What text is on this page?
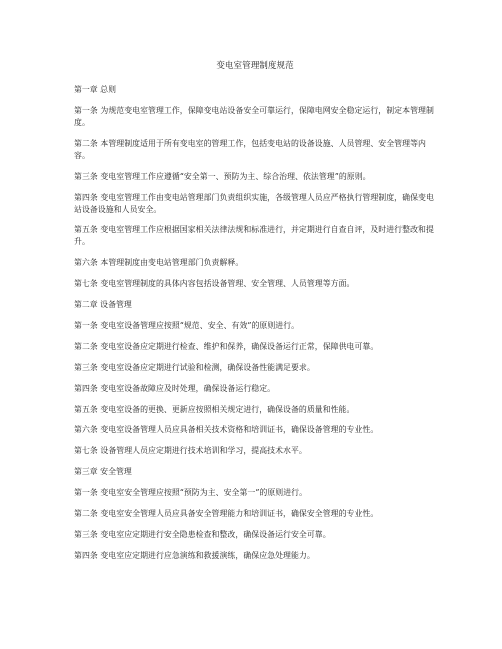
变电室管理制度规范
第一章 总则
第一条 为规范变电室管理工作，保障变电站设备安全可靠运行，保障电网安全稳定运行，制定本管理制度。
第二条 本管理制度适用于所有变电室的管理工作，包括变电站的设备设施、人员管理、安全管理等内容。
第三条 变电室管理工作应遵循“安全第一、预防为主、综合治理、依法管理”的原则。
第四条 变电室管理工作由变电站管理部门负责组织实施，各级管理人员应严格执行管理制度，确保变电站设备设施和人员安全。
第五条 变电室管理工作应根据国家相关法律法规和标准进行，并定期进行自查自评，及时进行整改和提升。
第六条 本管理制度由变电站管理部门负责解释。
第七条 变电室管理制度的具体内容包括设备管理、安全管理、人员管理等方面。
第二章 设备管理
第一条 变电室设备管理应按照“规范、安全、有效”的原则进行。
第二条 变电室设备应定期进行检查、维护和保养，确保设备运行正常，保障供电可靠。
第三条 变电室设备应定期进行试验和检测，确保设备性能满足要求。
第四条 变电室设备故障应及时处理，确保设备运行稳定。
第五条 变电室设备的更换、更新应按照相关规定进行，确保设备的质量和性能。
第六条 变电室设备管理人员应具备相关技术资格和培训证书，确保设备管理的专业性。
第七条 设备管理人员应定期进行技术培训和学习，提高技术水平。
第三章 安全管理
第一条 变电室安全管理应按照“预防为主、安全第一”的原则进行。
第二条 变电室安全管理人员应具备安全管理能力和培训证书，确保安全管理的专业性。
第三条 变电室应定期进行安全隐患检查和整改，确保设备运行安全可靠。
第四条 变电室应定期进行应急演练和救援演练，确保应急处理能力。
